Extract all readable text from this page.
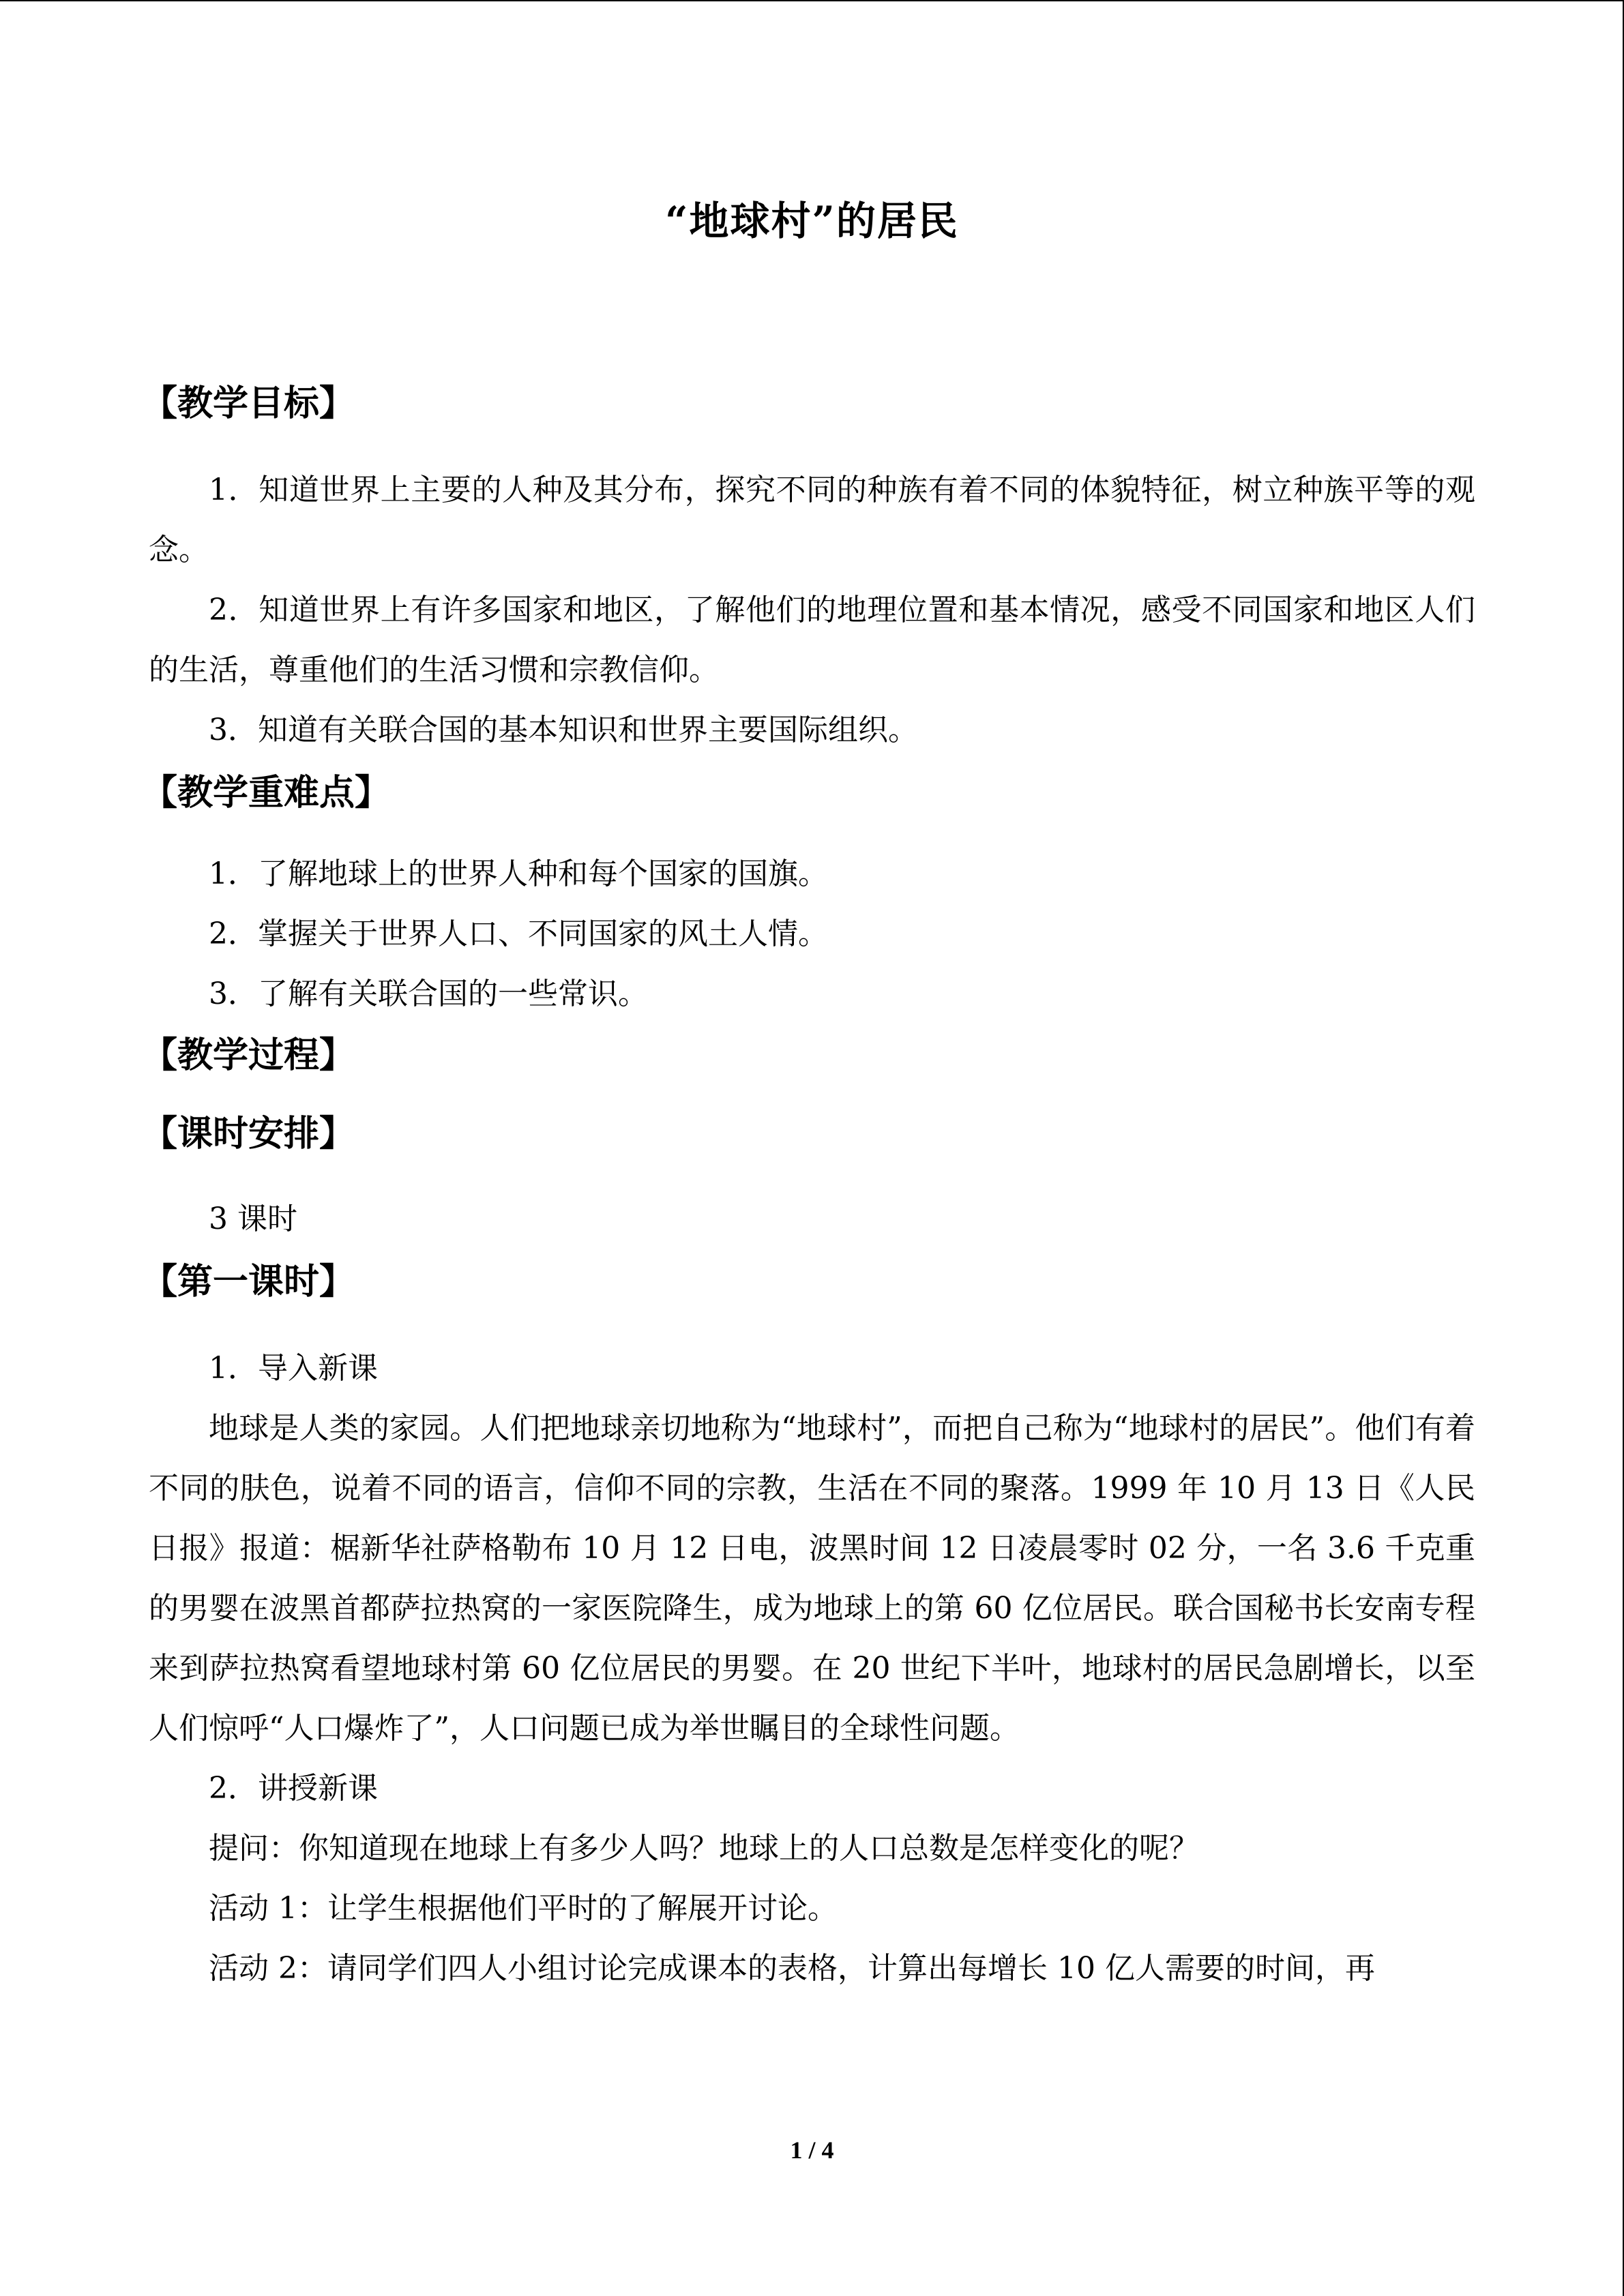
“地球村”的居民
【教学目标】

1．知道世界上主要的人种及其分布，探究不同的种族有着不同的体貌特征，树立种族平等的观念。

2．知道世界上有许多国家和地区，了解他们的地理位置和基本情况，感受不同国家和地区人们的生活，尊重他们的生活习惯和宗教信仰。

3．知道有关联合国的基本知识和世界主要国际组织。

【教学重难点】

1．了解地球上的世界人种和每个国家的国旗。

2．掌握关于世界人口、不同国家的风土人情。

3．了解有关联合国的一些常识。

【教学过程】
【课时安排】

3 课时

【第一课时】

1．导入新课

地球是人类的家园。人们把地球亲切地称为“地球村”，而把自己称为“地球村的居民”。他们有着不同的肤色，说着不同的语言，信仰不同的宗教，生活在不同的聚落。1999 年 10 月 13 日《人民日报》报道：椐新华社萨格勒布 10 月 12 日电，波黑时间 12 日凌晨零时 02 分，一名 3.6 千克重的男婴在波黑首都萨拉热窝的一家医院降生，成为地球上的第 60 亿位居民。联合国秘书长安南专程来到萨拉热窝看望地球村第 60 亿位居民的男婴。在 20 世纪下半叶，地球村的居民急剧增长，以至人们惊呼“人口爆炸了”，人口问题已成为举世瞩目的全球性问题。

2．讲授新课

提问：你知道现在地球上有多少人吗？地球上的人口总数是怎样变化的呢？

活动 1：让学生根据他们平时的了解展开讨论。

活动 2：请同学们四人小组讨论完成课本的表格，计算出每增长 10 亿人需要的时间，再

1 / 4
